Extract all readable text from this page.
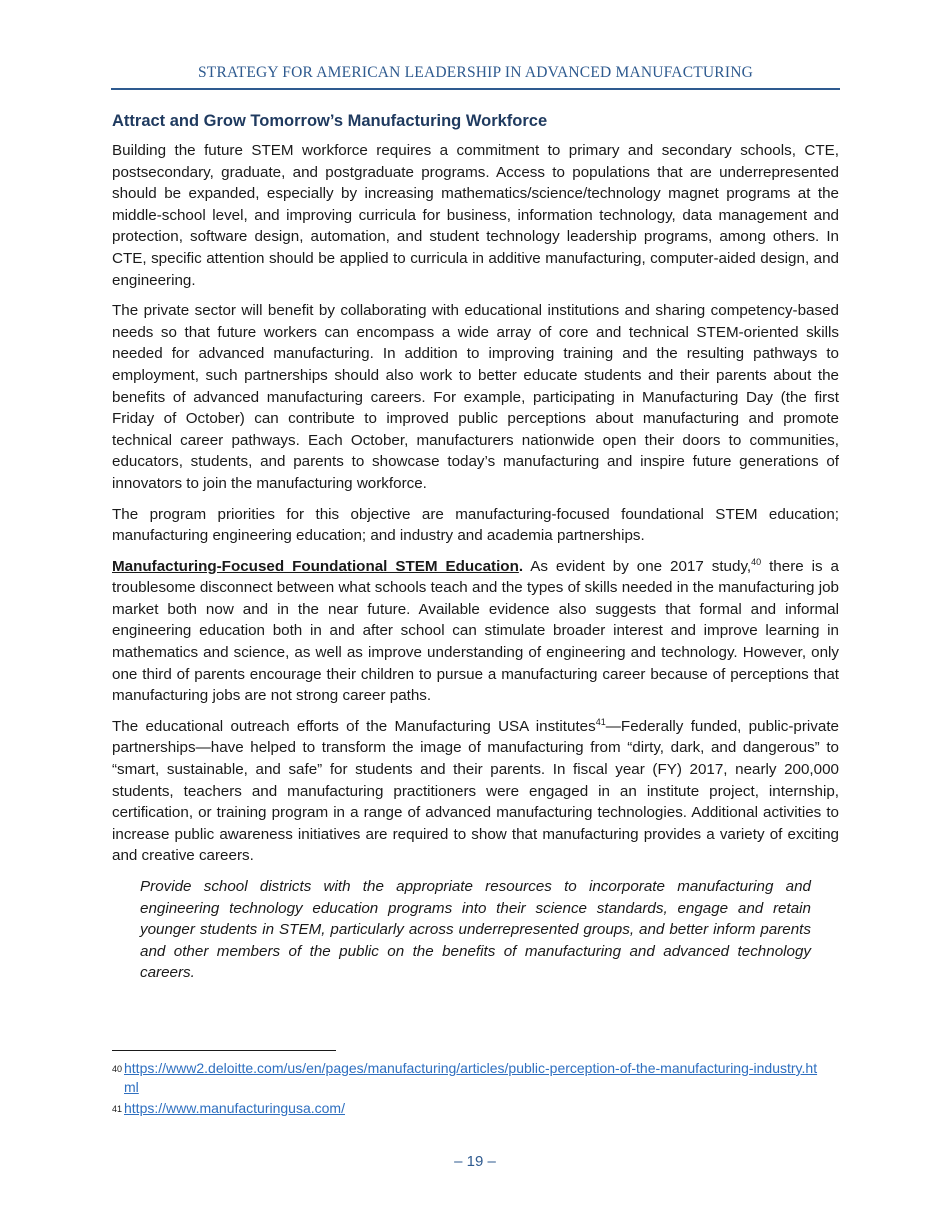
STRATEGY FOR AMERICAN LEADERSHIP IN ADVANCED MANUFACTURING
Attract and Grow Tomorrow’s Manufacturing Workforce

Building the future STEM workforce requires a commitment to primary and secondary schools, CTE, postsecondary, graduate, and postgraduate programs. Access to populations that are underrepresented should be expanded, especially by increasing mathematics/science/technology magnet programs at the middle-school level, and improving curricula for business, information technology, data management and protection, software design, automation, and student technology leadership programs, among others. In CTE, specific attention should be applied to curricula in additive manufacturing, computer-aided design, and engineering.

The private sector will benefit by collaborating with educational institutions and sharing competency-based needs so that future workers can encompass a wide array of core and technical STEM-oriented skills needed for advanced manufacturing. In addition to improving training and the resulting pathways to employment, such partnerships should also work to better educate students and their parents about the benefits of advanced manufacturing careers. For example, participating in Manufacturing Day (the first Friday of October) can contribute to improved public perceptions about manufacturing and promote technical career pathways. Each October, manufacturers nationwide open their doors to communities, educators, students, and parents to showcase today’s manufacturing and inspire future generations of innovators to join the manufacturing workforce.

The program priorities for this objective are manufacturing-focused foundational STEM education; manufacturing engineering education; and industry and academia partnerships.

Manufacturing-Focused Foundational STEM Education. As evident by one 2017 study,$^{40}$ there is a troublesome disconnect between what schools teach and the types of skills needed in the manufacturing job market both now and in the near future. Available evidence also suggests that formal and informal engineering education both in and after school can stimulate broader interest and improve learning in mathematics and science, as well as improve understanding of engineering and technology. However, only one third of parents encourage their children to pursue a manufacturing career because of perceptions that manufacturing jobs are not strong career paths.

The educational outreach efforts of the Manufacturing USA institutes$^{41}$—Federally funded, public-private partnerships—have helped to transform the image of manufacturing from “dirty, dark, and dangerous” to “smart, sustainable, and safe” for students and their parents. In fiscal year (FY) 2017, nearly 200,000 students, teachers and manufacturing practitioners were engaged in an institute project, internship, certification, or training program in a range of advanced manufacturing technologies. Additional activities to increase public awareness initiatives are required to show that manufacturing provides a variety of exciting and creative careers.

Provide school districts with the appropriate resources to incorporate manufacturing and engineering technology education programs into their science standards, engage and retain younger students in STEM, particularly across underrepresented groups, and better inform parents and other members of the public on the benefits of manufacturing and advanced technology careers.
40 https://www2.deloitte.com/us/en/pages/manufacturing/articles/public-perception-of-the-manufacturing-industry.html
41 https://www.manufacturingusa.com/
– 19 –
